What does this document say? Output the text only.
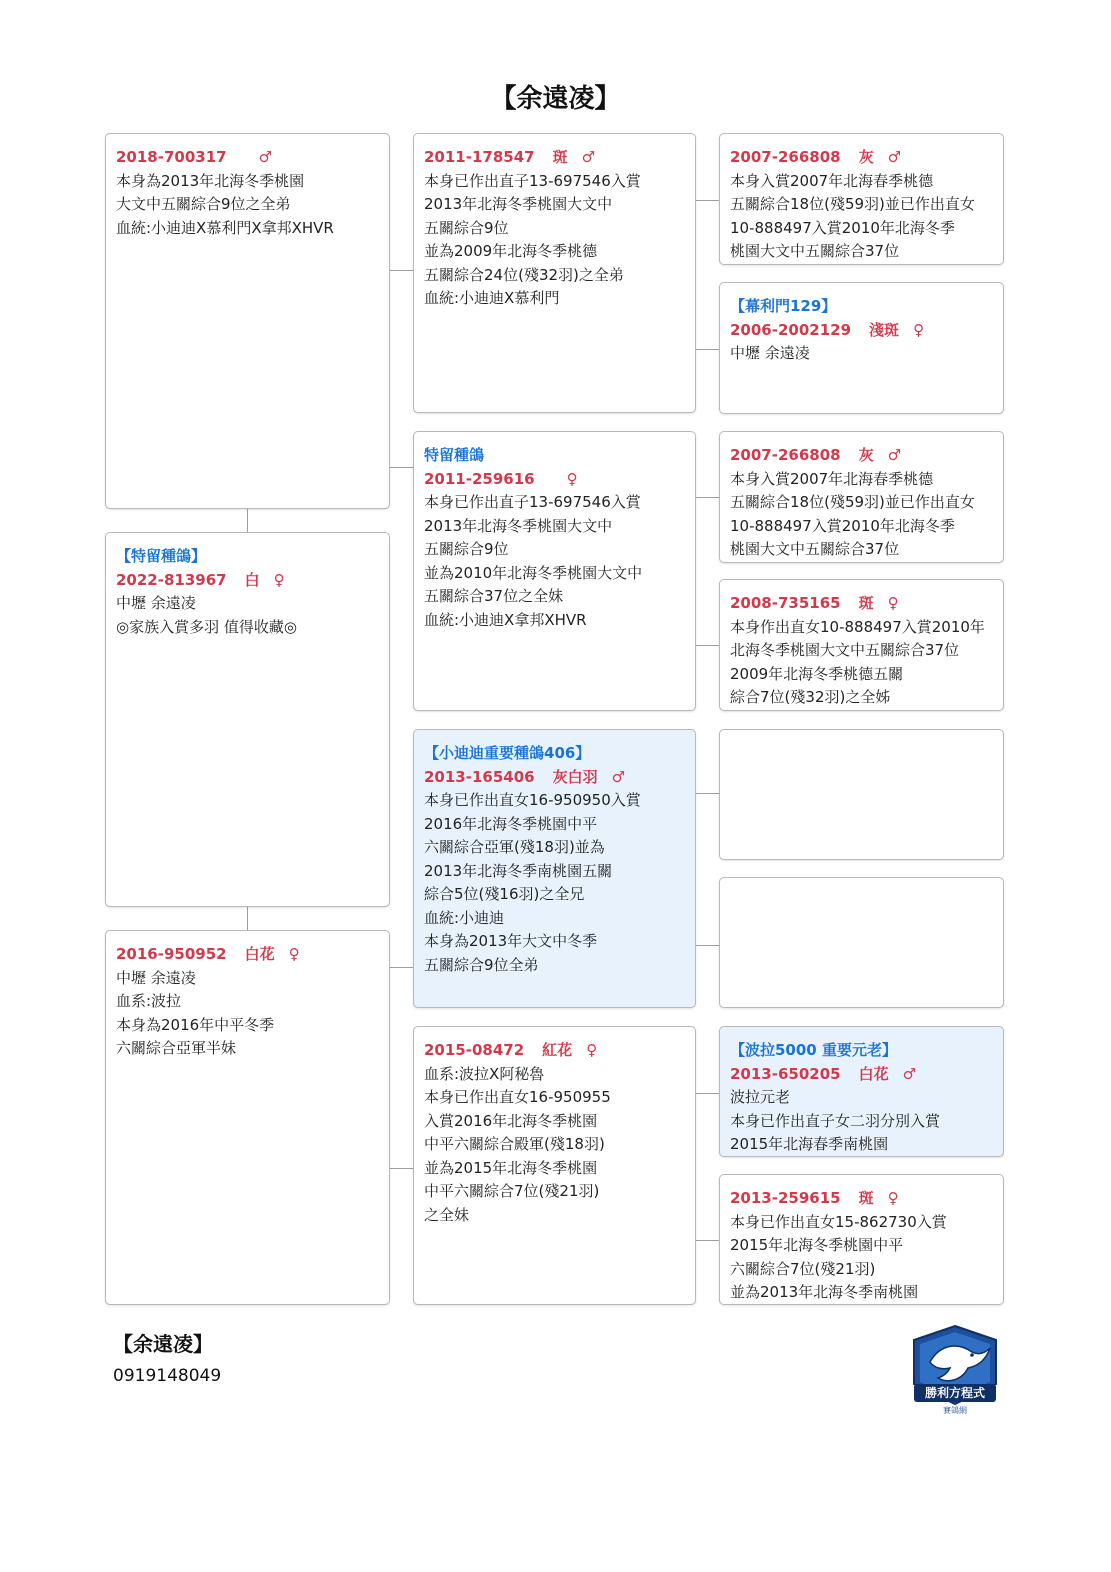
【余遠凌】
2018-700317 ♂
本身為2013年北海冬季桃園
大文中五關綜合9位之全弟
血統:小迪迪X慕利門X拿邦XHVR
【特留種鴿】
2022-813967 白 ♀
中壢 余遠凌
◎家族入賞多羽 值得收藏◎
2016-950952 白花 ♀
中壢 余遠凌
血系:波拉
本身為2016年中平冬季
六關綜合亞軍半妹
2011-178547 斑 ♂
本身已作出直子13-697546入賞
2013年北海冬季桃園大文中
五關綜合9位
並為2009年北海冬季桃德
五關綜合24位(殘32羽)之全弟
血統:小迪迪X慕利門
特留種鴿
2011-259616 ♀
本身已作出直子13-697546入賞
2013年北海冬季桃園大文中
五關綜合9位
並為2010年北海冬季桃園大文中
五關綜合37位之全妹
血統:小迪迪X拿邦XHVR
【小迪迪重要種鴿406】
2013-165406 灰白羽 ♂
本身已作出直女16-950950入賞
2016年北海冬季桃園中平
六關綜合亞軍(殘18羽)並為
2013年北海冬季南桃園五關
綜合5位(殘16羽)之全兄
血統:小迪迪
本身為2013年大文中冬季
五關綜合9位全弟
2015-08472 紅花 ♀
血系:波拉X阿秘魯
本身已作出直女16-950955
入賞2016年北海冬季桃園
中平六關綜合殿軍(殘18羽)
並為2015年北海冬季桃園
中平六關綜合7位(殘21羽)
之全妹
2007-266808 灰 ♂
本身入賞2007年北海春季桃德
五關綜合18位(殘59羽)並已作出直女
10-888497入賞2010年北海冬季
桃園大文中五關綜合37位
【幕利門129】
2006-2002129 淺斑 ♀
中壢 余遠凌
2007-266808 灰 ♂
本身入賞2007年北海春季桃德
五關綜合18位(殘59羽)並已作出直女
10-888497入賞2010年北海冬季
桃園大文中五關綜合37位
2008-735165 斑 ♀
本身作出直女10-888497入賞2010年
北海冬季桃園大文中五關綜合37位
2009年北海冬季桃德五關
綜合7位(殘32羽)之全姊
【波拉5000 重要元老】
2013-650205 白花 ♂
波拉元老
本身已作出直子女二羽分別入賞
2015年北海春季南桃園
2013-259615 斑 ♀
本身已作出直女15-862730入賞
2015年北海冬季桃園中平
六關綜合7位(殘21羽)
並為2013年北海冬季南桃園
【余遠凌】
0919148049
勝利方程式
賽鴿網
